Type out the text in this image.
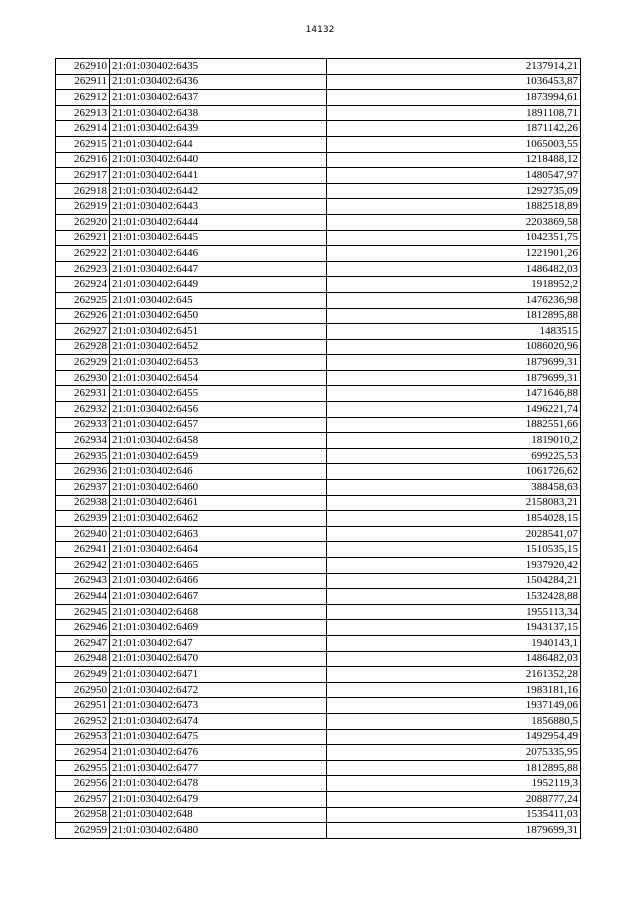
14132
262910	21:01:030402:6435	2137914,21
262911	21:01:030402:6436	1036453,87
262912	21:01:030402:6437	1873994,61
262913	21:01:030402:6438	1891108,71
262914	21:01:030402:6439	1871142,26
262915	21:01:030402:644	1065003,55
262916	21:01:030402:6440	1218488,12
262917	21:01:030402:6441	1480547,97
262918	21:01:030402:6442	1292735,09
262919	21:01:030402:6443	1882518,89
262920	21:01:030402:6444	2203869,58
262921	21:01:030402:6445	1042351,75
262922	21:01:030402:6446	1221901,26
262923	21:01:030402:6447	1486482,03
262924	21:01:030402:6449	1918952,2
262925	21:01:030402:645	1476236,98
262926	21:01:030402:6450	1812895,88
262927	21:01:030402:6451	1483515
262928	21:01:030402:6452	1086020,96
262929	21:01:030402:6453	1879699,31
262930	21:01:030402:6454	1879699,31
262931	21:01:030402:6455	1471646,88
262932	21:01:030402:6456	1496221,74
262933	21:01:030402:6457	1882551,66
262934	21:01:030402:6458	1819010,2
262935	21:01:030402:6459	699225,53
262936	21:01:030402:646	1061726,62
262937	21:01:030402:6460	388458,63
262938	21:01:030402:6461	2158083,21
262939	21:01:030402:6462	1854028,15
262940	21:01:030402:6463	2028541,07
262941	21:01:030402:6464	1510535,15
262942	21:01:030402:6465	1937920,42
262943	21:01:030402:6466	1504284,21
262944	21:01:030402:6467	1532428,88
262945	21:01:030402:6468	1955113,34
262946	21:01:030402:6469	1943137,15
262947	21:01:030402:647	1940143,1
262948	21:01:030402:6470	1486482,03
262949	21:01:030402:6471	2161352,28
262950	21:01:030402:6472	1983181,16
262951	21:01:030402:6473	1937149,06
262952	21:01:030402:6474	1856880,5
262953	21:01:030402:6475	1492954,49
262954	21:01:030402:6476	2075335,95
262955	21:01:030402:6477	1812895,88
262956	21:01:030402:6478	1952119,3
262957	21:01:030402:6479	2088777,24
262958	21:01:030402:648	1535411,03
262959	21:01:030402:6480	1879699,31
